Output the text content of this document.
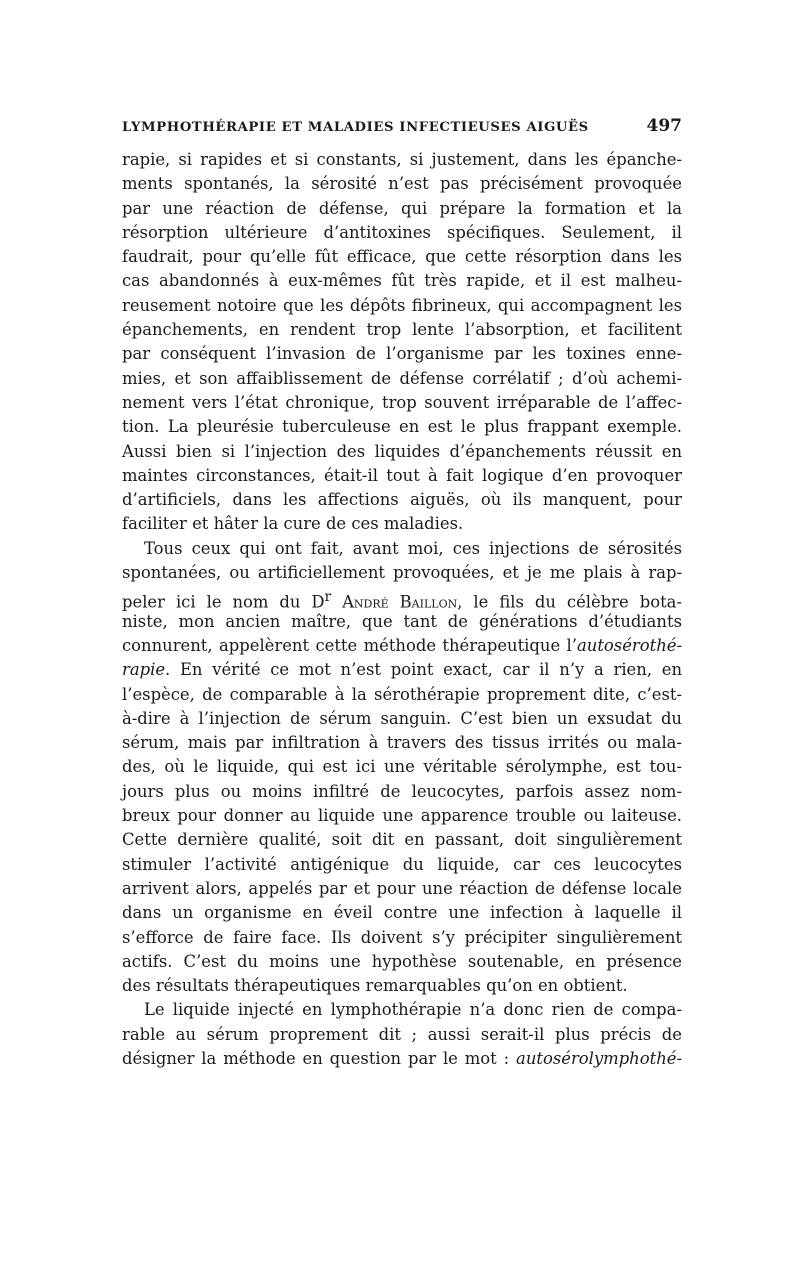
LYMPHOTHÉRAPIE ET MALADIES INFECTIEUSES AIGUËS	497
rapie, si rapides et si constants, si justement, dans les épanche-
ments spontanés, la sérosité n’est pas précisément provoquée
par une réaction de défense, qui prépare la formation et la
résorption ultérieure d’antitoxines spécifiques. Seulement, il
faudrait, pour qu’elle fût efficace, que cette résorption dans les
cas abandonnés à eux-mêmes fût très rapide, et il est malheu-
reusement notoire que les dépôts fibrineux, qui accompagnent les
épanchements, en rendent trop lente l’absorption, et facilitent
par conséquent l’invasion de l’organisme par les toxines enne-
mies, et son affaiblissement de défense corrélatif ; d’où achemi-
nement vers l’état chronique, trop souvent irréparable de l’affec-
tion. La pleurésie tuberculeuse en est le plus frappant exemple.
Aussi bien si l’injection des liquides d’épanchements réussit en
maintes circonstances, était-il tout à fait logique d’en provoquer
d’artificiels, dans les affections aiguës, où ils manquent, pour
faciliter et hâter la cure de ces maladies.
Tous ceux qui ont fait, avant moi, ces injections de sérosités
spontanées, ou artificiellement provoquées, et je me plais à rap-
peler ici le nom du $D^r$ André Baillon, le fils du célèbre bota-
niste, mon ancien maître, que tant de générations d’étudiants
connurent, appelèrent cette méthode thérapeutique l’autosérothé-
rapie. En vérité ce mot n’est point exact, car il n’y a rien, en
l’espèce, de comparable à la sérothérapie proprement dite, c’est-
à-dire à l’injection de sérum sanguin. C’est bien un exsudat du
sérum, mais par infiltration à travers des tissus irrités ou mala-
des, où le liquide, qui est ici une véritable sérolymphe, est tou-
jours plus ou moins infiltré de leucocytes, parfois assez nom-
breux pour donner au liquide une apparence trouble ou laiteuse.
Cette dernière qualité, soit dit en passant, doit singulièrement
stimuler l’activité antigénique du liquide, car ces leucocytes
arrivent alors, appelés par et pour une réaction de défense locale
dans un organisme en éveil contre une infection à laquelle il
s’efforce de faire face. Ils doivent s’y précipiter singulièrement
actifs. C’est du moins une hypothèse soutenable, en présence
des résultats thérapeutiques remarquables qu’on en obtient.
Le liquide injecté en lymphothérapie n’a donc rien de compa-
rable au sérum proprement dit ; aussi serait-il plus précis de
désigner la méthode en question par le mot : autosérolymphothé-
